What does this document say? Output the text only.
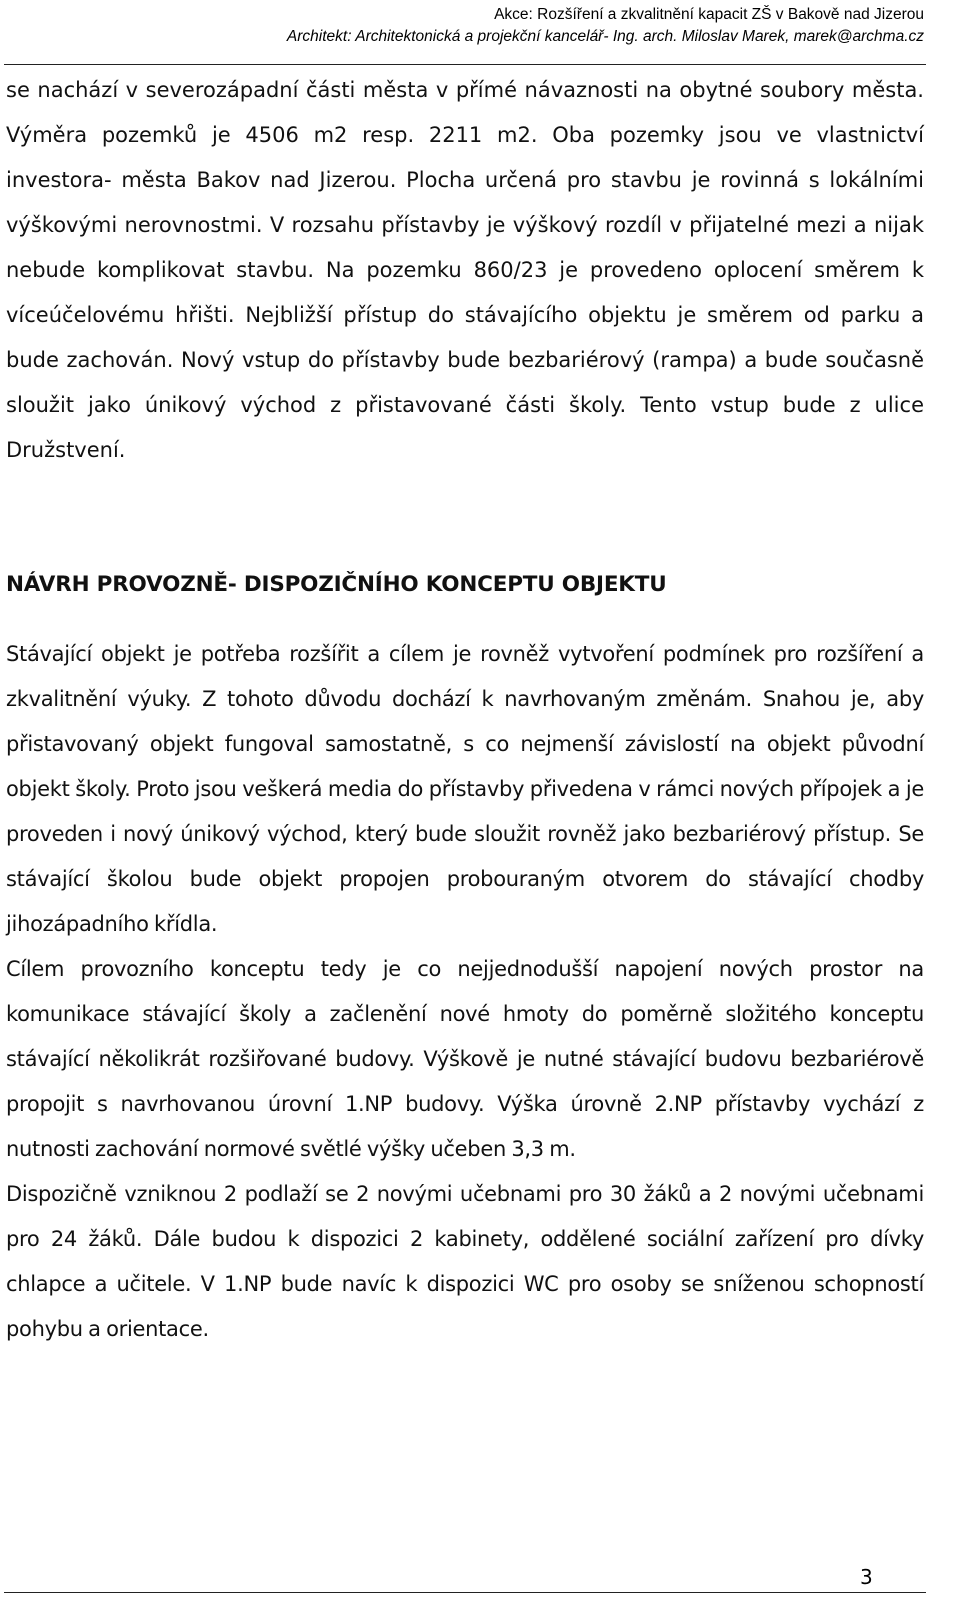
Akce: Rozšíření a zkvalitnění kapacit ZŠ v Bakově nad Jizerou
Architekt: Architektonická a projekční kancelář- Ing. arch. Miloslav Marek, marek@archma.cz

se nachází v severozápadní části města v přímé návaznosti na obytné soubory města. Výměra pozemků je 4506 m2 resp. 2211 m2. Oba pozemky jsou ve vlastnictví investora- města Bakov nad Jizerou. Plocha určená pro stavbu je rovinná s lokálními výškovými nerovnostmi. V rozsahu přístavby je výškový rozdíl v přijatelné mezi a nijak nebude komplikovat stavbu. Na pozemku 860/23 je provedeno oplocení směrem k víceúčelovému hřišti. Nejbližší přístup do stávajícího objektu je směrem od parku a bude zachován. Nový vstup do přístavby bude bezbariérový (rampa) a bude současně sloužit jako únikový východ z přistavované části školy. Tento vstup bude z ulice Družstvení.

NÁVRH PROVOZNĚ- DISPOZIČNÍHO KONCEPTU OBJEKTU

Stávající objekt je potřeba rozšířit a cílem je rovněž vytvoření podmínek pro rozšíření a zkvalitnění výuky. Z tohoto důvodu dochází k navrhovaným změnám. Snahou je, aby přistavovaný objekt fungoval samostatně, s co nejmenší závislostí na objekt původní objekt školy. Proto jsou veškerá media do přístavby přivedena v rámci nových přípojek a je proveden i nový únikový východ, který bude sloužit rovněž jako bezbariérový přístup. Se stávající školou bude objekt propojen probouraným otvorem do stávající chodby jihozápadního křídla.

Cílem provozního konceptu tedy je co nejjednodušší napojení nových prostor na komunikace stávající školy a začlenění nové hmoty do poměrně složitého konceptu stávající několikrát rozšiřované budovy. Výškově je nutné stávající budovu bezbariérově propojit s navrhovanou úrovní 1.NP budovy. Výška úrovně 2.NP přístavby vychází z nutnosti zachování normové světlé výšky učeben 3,3 m.

Dispozičně vzniknou 2 podlaží se 2 novými učebnami pro 30 žáků a 2 novými učebnami pro 24 žáků. Dále budou k dispozici 2 kabinety, oddělené sociální zařízení pro dívky chlapce a učitele. V 1.NP bude navíc k dispozici WC pro osoby se sníženou schopností pohybu a orientace.

3
